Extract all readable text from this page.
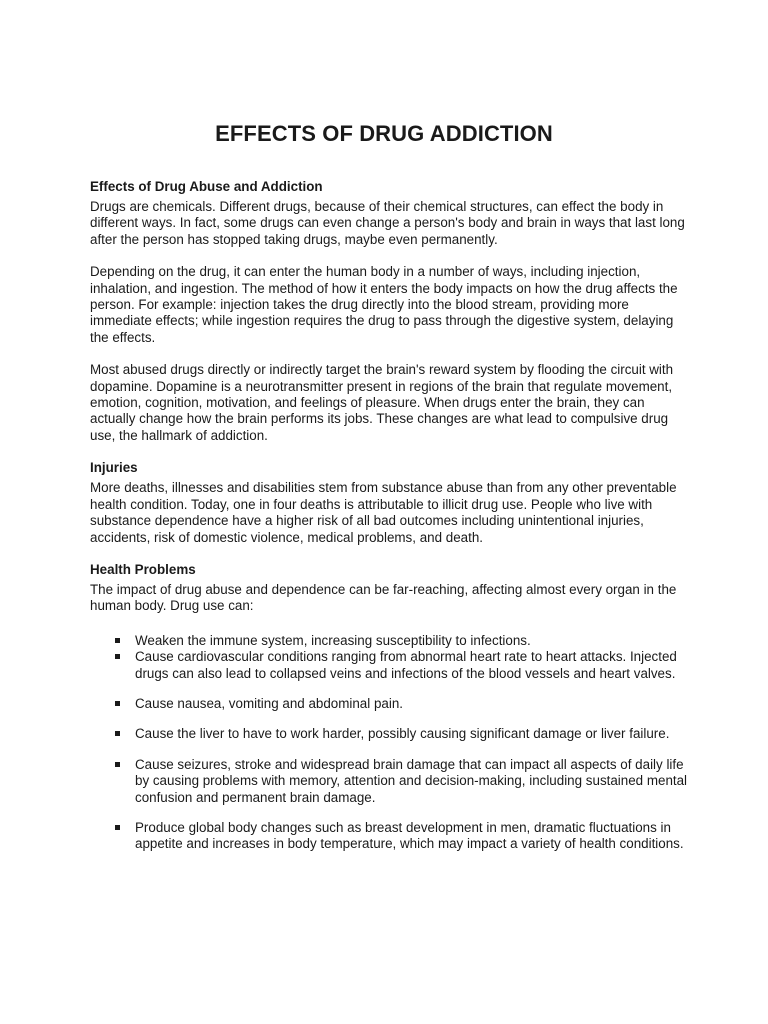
EFFECTS OF DRUG ADDICTION
Effects of Drug Abuse and Addiction

Drugs are chemicals. Different drugs, because of their chemical structures, can effect the body in different ways. In fact, some drugs can even change a person's body and brain in ways that last long after the person has stopped taking drugs, maybe even permanently.

Depending on the drug, it can enter the human body in a number of ways, including injection, inhalation, and ingestion. The method of how it enters the body impacts on how the drug affects the person. For example: injection takes the drug directly into the blood stream, providing more immediate effects; while ingestion requires the drug to pass through the digestive system, delaying the effects.

Most abused drugs directly or indirectly target the brain's reward system by flooding the circuit with dopamine. Dopamine is a neurotransmitter present in regions of the brain that regulate movement, emotion, cognition, motivation, and feelings of pleasure. When drugs enter the brain, they can actually change how the brain performs its jobs. These changes are what lead to compulsive drug use, the hallmark of addiction.

Injuries

More deaths, illnesses and disabilities stem from substance abuse than from any other preventable health condition. Today, one in four deaths is attributable to illicit drug use. People who live with substance dependence have a higher risk of all bad outcomes including unintentional injuries, accidents, risk of domestic violence, medical problems, and death.

Health Problems

The impact of drug abuse and dependence can be far-reaching, affecting almost every organ in the human body. Drug use can:

Weaken the immune system, increasing susceptibility to infections.
Cause cardiovascular conditions ranging from abnormal heart rate to heart attacks. Injected drugs can also lead to collapsed veins and infections of the blood vessels and heart valves.
Cause nausea, vomiting and abdominal pain.
Cause the liver to have to work harder, possibly causing significant damage or liver failure.
Cause seizures, stroke and widespread brain damage that can impact all aspects of daily life by causing problems with memory, attention and decision-making, including sustained mental confusion and permanent brain damage.
Produce global body changes such as breast development in men, dramatic fluctuations in appetite and increases in body temperature, which may impact a variety of health conditions.
